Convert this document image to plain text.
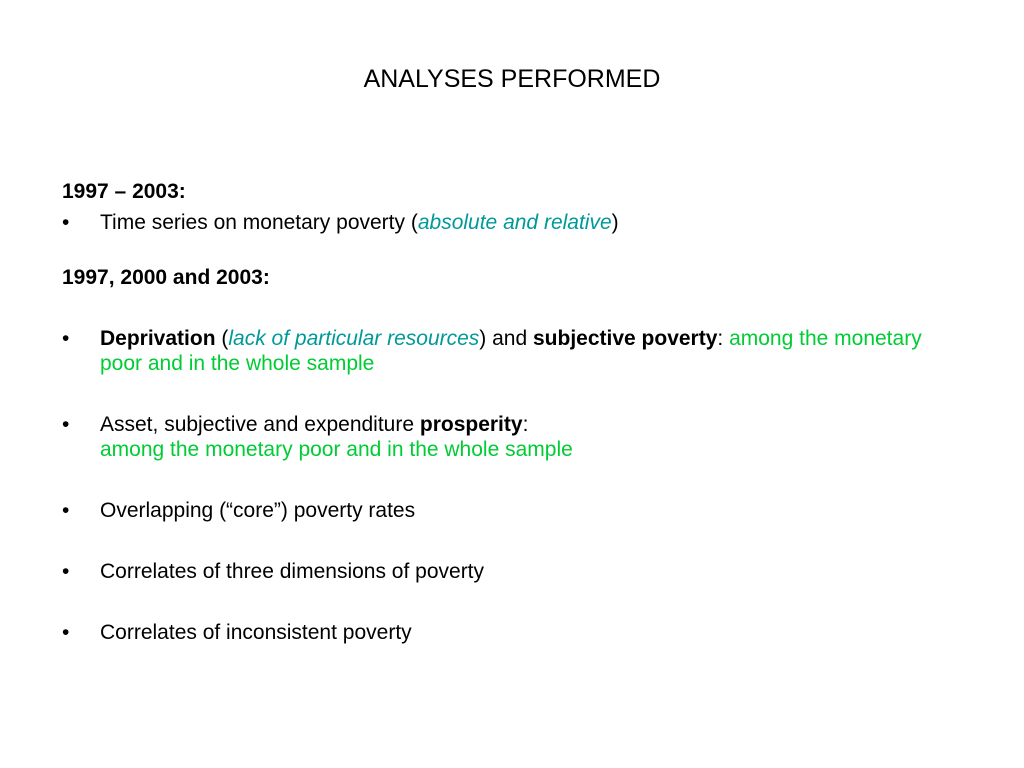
ANALYSES PERFORMED

1997 – 2003:

• Time series on monetary poverty (absolute and relative)

1997, 2000 and 2003:

• Deprivation (lack of particular resources) and subjective poverty: among the monetary poor and in the whole sample

• Asset, subjective and expenditure prosperity:
among the monetary poor and in the whole sample

• Overlapping (“core”) poverty rates

• Correlates of three dimensions of poverty

• Correlates of inconsistent poverty
